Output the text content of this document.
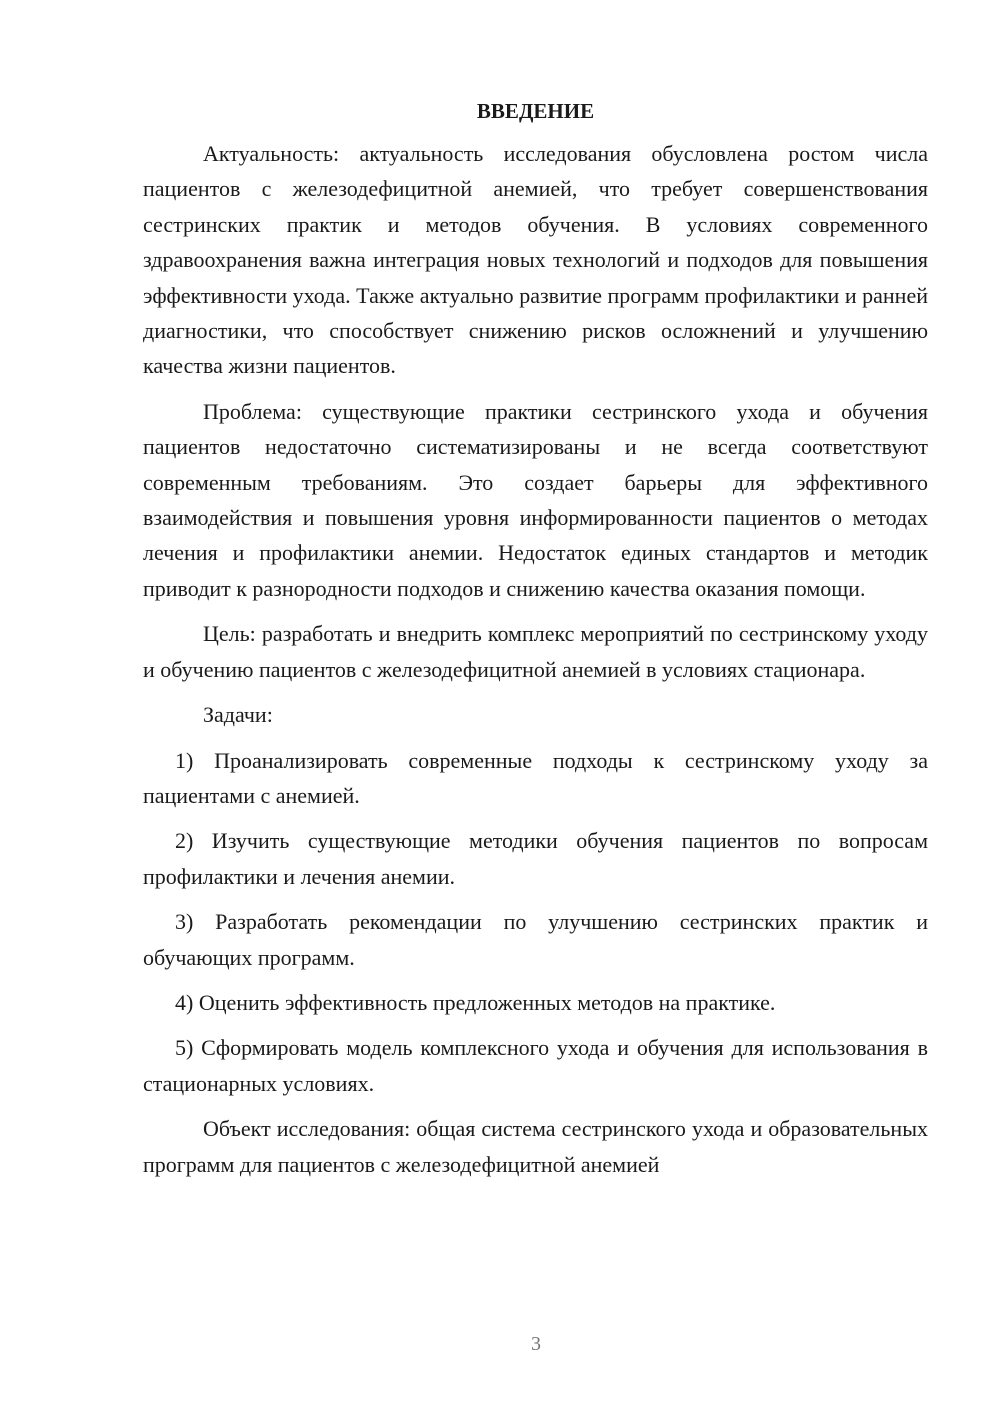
ВВЕДЕНИЕ

Актуальность: актуальность исследования обусловлена ростом числа пациентов с железодефицитной анемией, что требует совершенствования сестринских практик и методов обучения. В условиях современного здравоохранения важна интеграция новых технологий и подходов для повышения эффективности ухода. Также актуально развитие программ профилактики и ранней диагностики, что способствует снижению рисков осложнений и улучшению качества жизни пациентов.

Проблема: существующие практики сестринского ухода и обучения пациентов недостаточно систематизированы и не всегда соответствуют современным требованиям. Это создает барьеры для эффективного взаимодействия и повышения уровня информированности пациентов о методах лечения и профилактики анемии. Недостаток единых стандартов и методик приводит к разнородности подходов и снижению качества оказания помощи.

Цель: разработать и внедрить комплекс мероприятий по сестринскому уходу и обучению пациентов с железодефицитной анемией в условиях стационара.

Задачи:

1) Проанализировать современные подходы к сестринскому уходу за пациентами с анемией.

2) Изучить существующие методики обучения пациентов по вопросам профилактики и лечения анемии.

3) Разработать рекомендации по улучшению сестринских практик и обучающих программ.

4) Оценить эффективность предложенных методов на практике.

5) Сформировать модель комплексного ухода и обучения для использования в стационарных условиях.

Объект исследования: общая система сестринского ухода и образовательных программ для пациентов с железодефицитной анемией

3
